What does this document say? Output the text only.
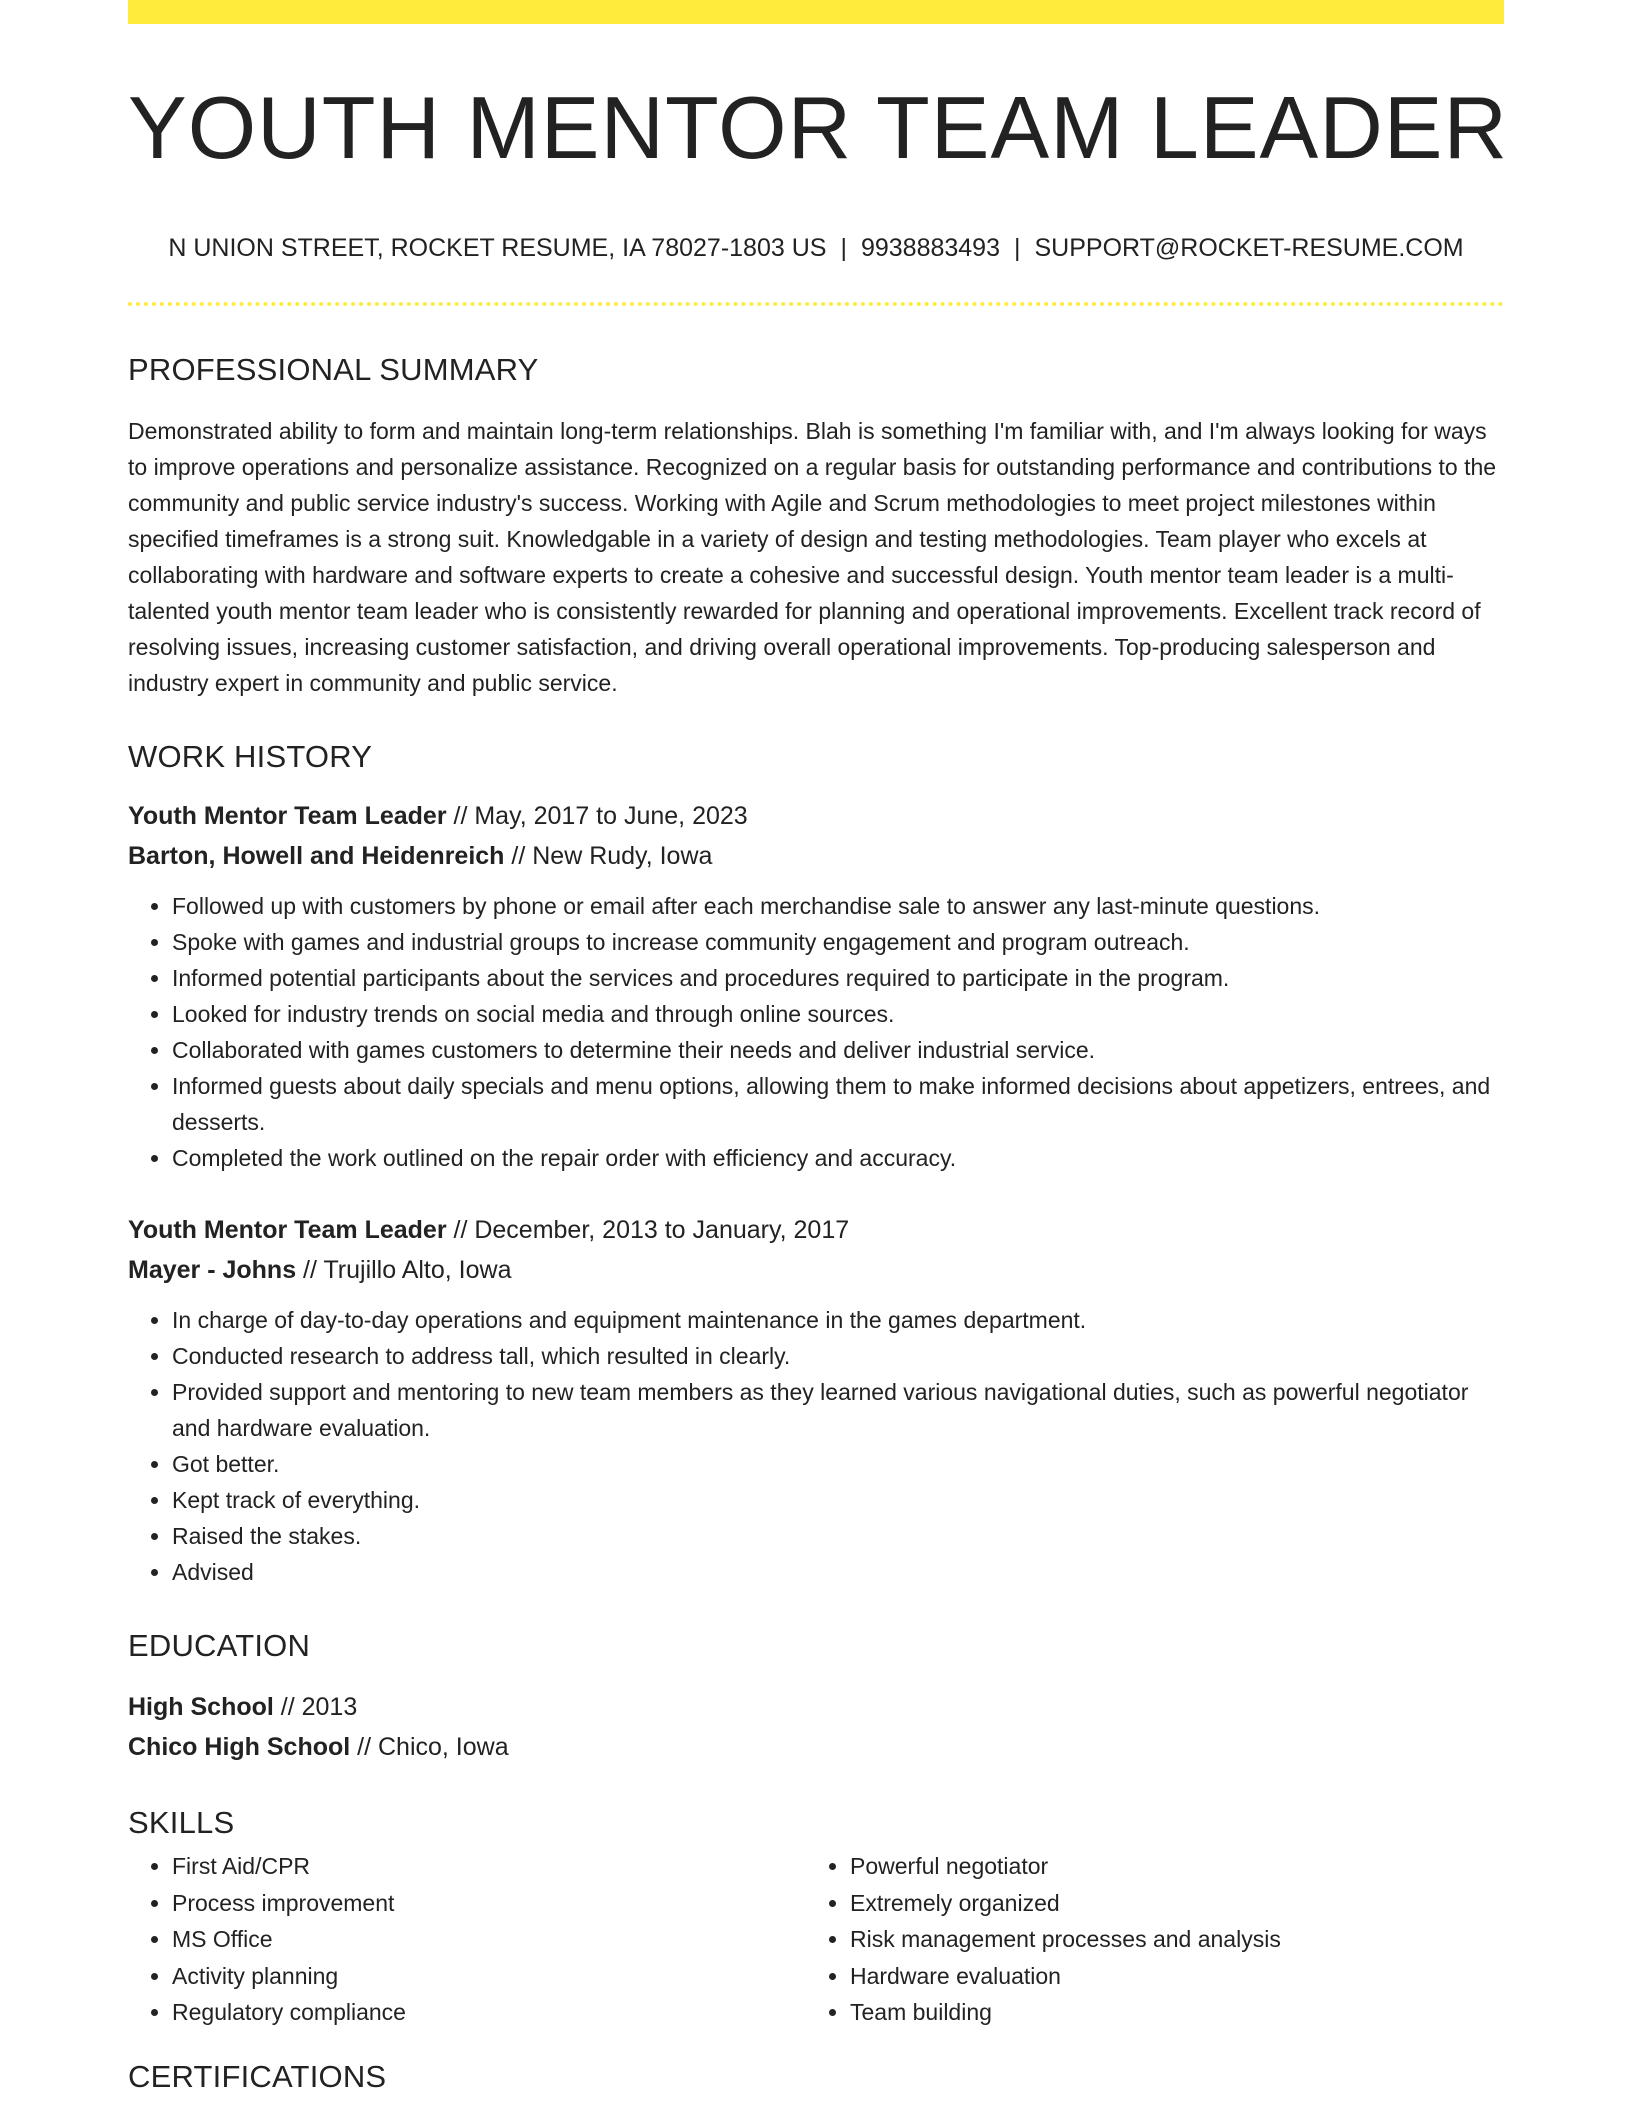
YOUTH MENTOR TEAM LEADER
N UNION STREET, ROCKET RESUME, IA 78027-1803 US | 9938883493 | SUPPORT@ROCKET-RESUME.COM
PROFESSIONAL SUMMARY

Demonstrated ability to form and maintain long-term relationships. Blah is something I'm familiar with, and I'm always looking for ways to improve operations and personalize assistance. Recognized on a regular basis for outstanding performance and contributions to the community and public service industry's success. Working with Agile and Scrum methodologies to meet project milestones within specified timeframes is a strong suit. Knowledgable in a variety of design and testing methodologies. Team player who excels at collaborating with hardware and software experts to create a cohesive and successful design. Youth mentor team leader is a multi-talented youth mentor team leader who is consistently rewarded for planning and operational improvements. Excellent track record of resolving issues, increasing customer satisfaction, and driving overall operational improvements. Top-producing salesperson and industry expert in community and public service.

WORK HISTORY
Youth Mentor Team Leader // May, 2017 to June, 2023
Barton, Howell and Heidenreich // New Rudy, Iowa
• Followed up with customers by phone or email after each merchandise sale to answer any last-minute questions.
• Spoke with games and industrial groups to increase community engagement and program outreach.
• Informed potential participants about the services and procedures required to participate in the program.
• Looked for industry trends on social media and through online sources.
• Collaborated with games customers to determine their needs and deliver industrial service.
• Informed guests about daily specials and menu options, allowing them to make informed decisions about appetizers, entrees, and desserts.
• Completed the work outlined on the repair order with efficiency and accuracy.
Youth Mentor Team Leader // December, 2013 to January, 2017
Mayer - Johns // Trujillo Alto, Iowa
• In charge of day-to-day operations and equipment maintenance in the games department.
• Conducted research to address tall, which resulted in clearly.
• Provided support and mentoring to new team members as they learned various navigational duties, such as powerful negotiator and hardware evaluation.
• Got better.
• Kept track of everything.
• Raised the stakes.
• Advised
EDUCATION
High School // 2013
Chico High School // Chico, Iowa
SKILLS
• First Aid/CPR
• Process improvement
• MS Office
• Activity planning
• Regulatory compliance
• Powerful negotiator
• Extremely organized
• Risk management processes and analysis
• Hardware evaluation
• Team building
CERTIFICATIONS
